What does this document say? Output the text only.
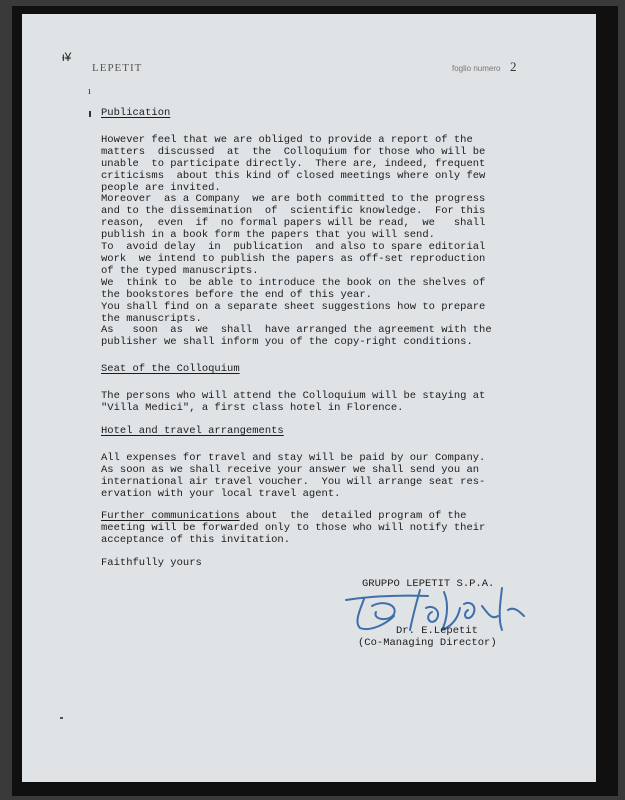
ᵻ¥
LEPETIT	foglio numero 2
ı

Publication

However feel that we are obliged to provide a report of the

matters  discussed  at  the  Colloquium for those who will be

unable  to participate directly.  There are, indeed, frequent

criticisms  about this kind of closed meetings where only few

people are invited.

Moreover  as a Company  we are both committed to the progress

and to the dissemination  of  scientific knowledge.  For this

reason,  even  if  no formal papers will be read,  we   shall

publish in a book form the papers that you will send.

To  avoid delay  in  publication  and also to spare editorial

work  we intend to publish the papers as off-set reproduction

of the typed manuscripts.

We  think to  be able to introduce the book on the shelves of

the bookstores before the end of this year.

You shall find on a separate sheet suggestions how to prepare

the manuscripts.

As   soon  as  we  shall  have arranged the agreement with the

publisher we shall inform you of the copy-right conditions.

Seat of the Colloquium

The persons who will attend the Colloquium will be staying at

"Villa Medici", a first class hotel in Florence.

Hotel and travel arrangements

All expenses for travel and stay will be paid by our Company.

As soon as we shall receive your answer we shall send you an

international air travel voucher.  You will arrange seat res-

ervation with your local travel agent.

Further communications about  the  detailed program of the

meeting will be forwarded only to those who will notify their

acceptance of this invitation.

Faithfully yours

GRUPPO LEPETIT S.P.A.
Dr. E.Lepetit
(Co-Managing Director)
